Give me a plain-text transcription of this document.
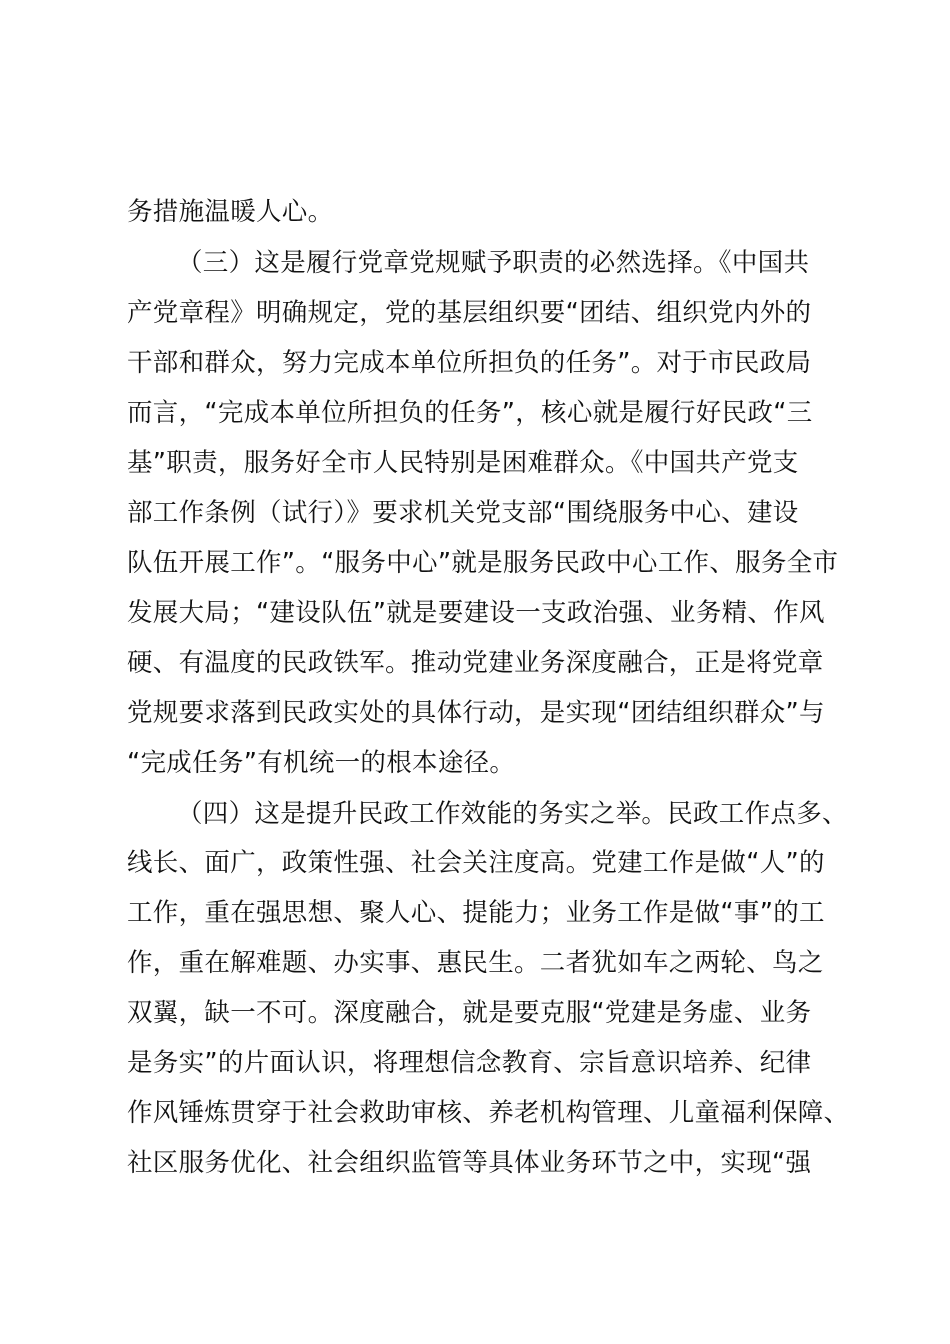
务措施温暖人心。
（三）这是履行党章党规赋予职责的必然选择。《中国共
产党章程》明确规定，党的基层组织要“团结、组织党内外的
干部和群众，努力完成本单位所担负的任务”。对于市民政局
而言，“完成本单位所担负的任务”，核心就是履行好民政“三
基”职责，服务好全市人民特别是困难群众。《中国共产党支
部工作条例（试行）》要求机关党支部“围绕服务中心、建设
队伍开展工作”。“服务中心”就是服务民政中心工作、服务全市
发展大局；“建设队伍”就是要建设一支政治强、业务精、作风
硬、有温度的民政铁军。推动党建业务深度融合，正是将党章
党规要求落到民政实处的具体行动，是实现“团结组织群众”与
“完成任务”有机统一的根本途径。
（四）这是提升民政工作效能的务实之举。民政工作点多、
线长、面广，政策性强、社会关注度高。党建工作是做“人”的
工作，重在强思想、聚人心、提能力；业务工作是做“事”的工
作，重在解难题、办实事、惠民生。二者犹如车之两轮、鸟之
双翼，缺一不可。深度融合，就是要克服“党建是务虚、业务
是务实”的片面认识，将理想信念教育、宗旨意识培养、纪律
作风锤炼贯穿于社会救助审核、养老机构管理、儿童福利保障、
社区服务优化、社会组织监管等具体业务环节之中，实现“强
